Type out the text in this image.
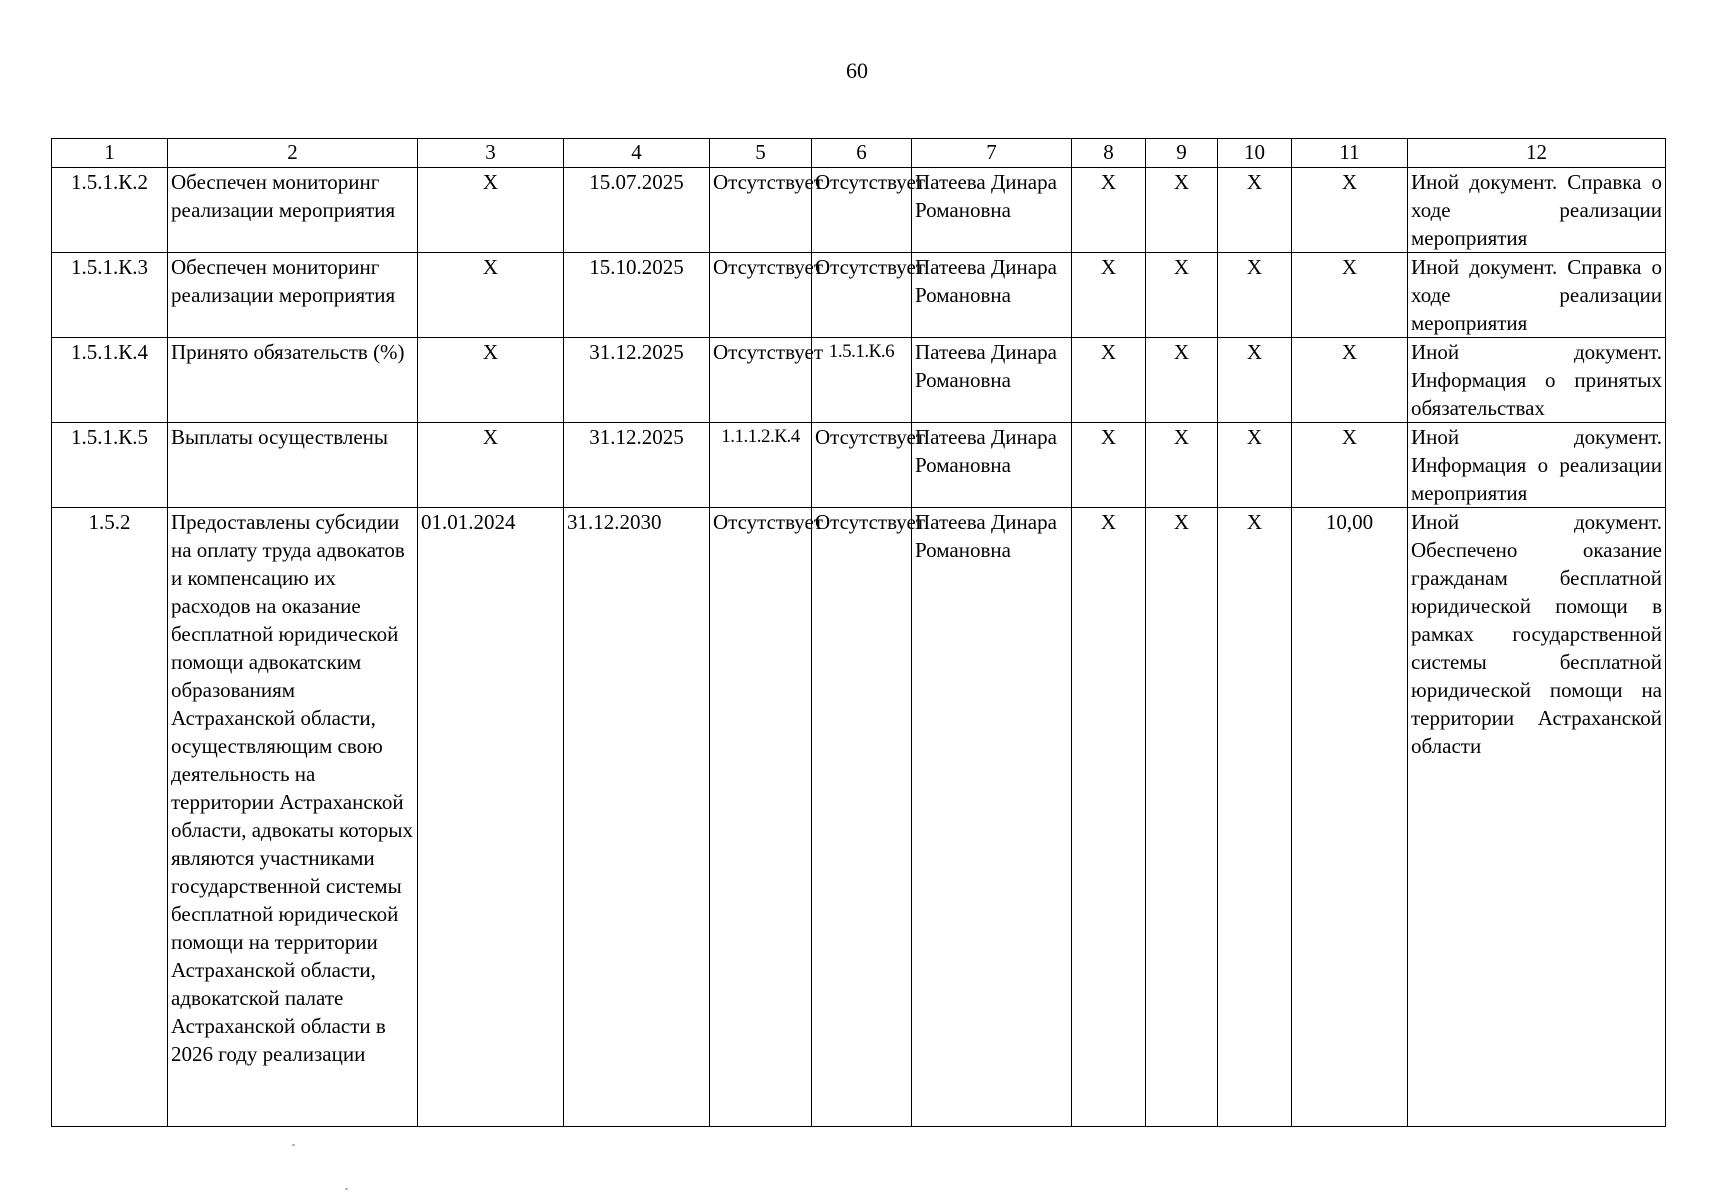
60
1	2	3	4	5	6	7	8	9	10	11	12
1.5.1.К.2	Обеспечен мониторинг реализации мероприятия	Х	15.07.2025	Отсутствует	Отсутствует	Патеева Динара Романовна	Х	Х	Х	Х	Иной документ. Справка о ходе реализации мероприятия
1.5.1.К.3	Обеспечен мониторинг реализации мероприятия	Х	15.10.2025	Отсутствует	Отсутствует	Патеева Динара Романовна	Х	Х	Х	Х	Иной документ. Справка о ходе реализации мероприятия
1.5.1.К.4	Принято обязательств (%)	Х	31.12.2025	Отсутствует	1.5.1.К.6	Патеева Динара Романовна	Х	Х	Х	Х	Иной документ. Информация о принятых обязательствах
1.5.1.К.5	Выплаты осуществлены	Х	31.12.2025	1.1.1.2.К.4	Отсутствует	Патеева Динара Романовна	Х	Х	Х	Х	Иной документ. Информация о реализации мероприятия
1.5.2	Предоставлены субсидии на оплату труда адвокатов и компенсацию их расходов на оказание бесплатной юридической помощи адвокатским образованиям Астраханской области, осуществляющим свою деятельность на территории Астраханской области, адвокаты которых являются участниками государственной системы бесплатной юридической помощи на территории Астраханской области, адвокатской палате Астраханской области в 2026 году реализации	01.01.2024	31.12.2030	Отсутствует	Отсутствует	Патеева Динара Романовна	Х	Х	Х	10,00	Иной документ. Обеспечено оказание гражданам бесплатной юридической помощи в рамках государственной системы бесплатной юридической помощи на территории Астраханской области
